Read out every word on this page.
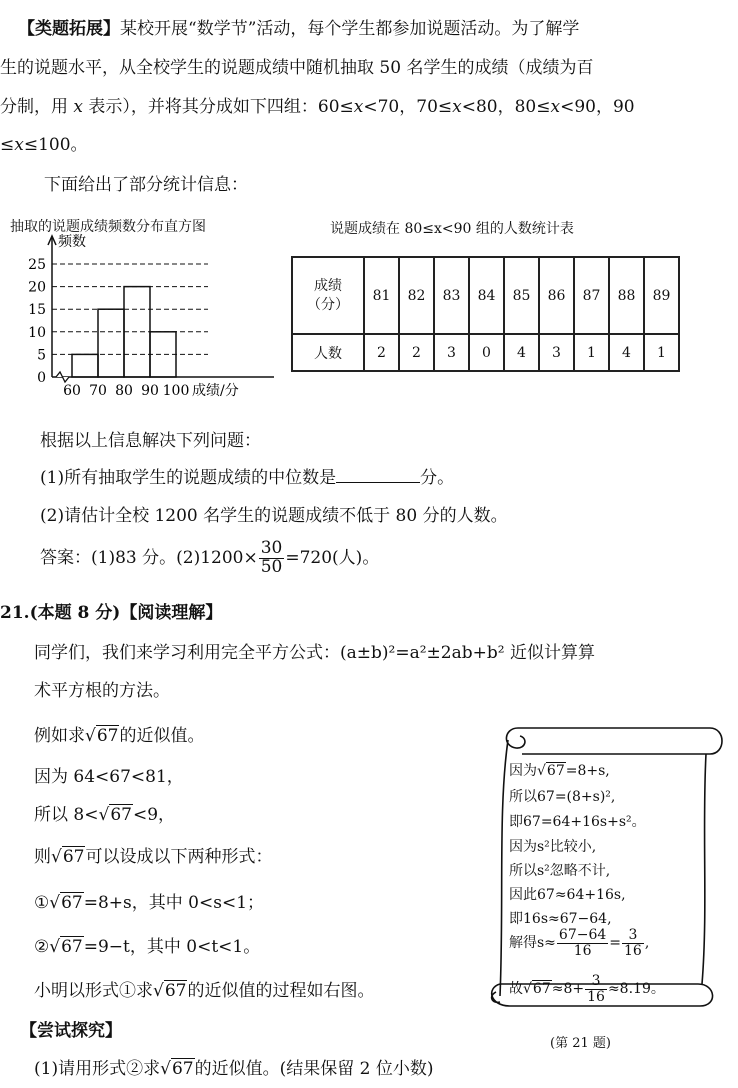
【类题拓展】某校开展“数学节”活动，每个学生都参加说题活动。为了解学
生的说题水平，从全校学生的说题成绩中随机抽取 50 名学生的成绩（成绩为百
分制，用 x 表示），并将其分成如下四组：60≤x<70，70≤x<80，80≤x<90，90
≤x≤100。
下面给出了部分统计信息：
抽取的说题成绩频数分布直方图
0
5
10
15
20
25
60 70 80 90 100
频数
成绩/分
说题成绩在 80≤x<90 组的人数统计表
成绩
（分）	81	82	83	84	85	86	87	88	89
人数	2	2	3	0	4	3	1	4	1
根据以上信息解决下列问题：
(1)所有抽取学生的说题成绩的中位数是	分。
(2)请估计全校 1200 名学生的说题成绩不低于 80 分的人数。
答案：(1)83 分。$(2)1200\times \frac{30}{50} =720$(人)。
21.(本题 8 分)【阅读理解】
同学们，我们来学习利用完全平方公式：(a±b)²=a²±2ab+b² 近似计算算
术平方根的方法。
例如求√67的近似值。
因为 64<67<81，
所以 8<√67<9，
则√67可以设成以下两种形式：
①√67=8+s，其中 0<s<1；
②√67=9−t，其中 0<t<1。
小明以形式①求√67的近似值的过程如右图。
【尝试探究】
(1)请用形式②求√67的近似值。(结果保留 2 位小数)
因为√67=8+s,
所以67=(8+s)²,
即67=64+16s+s²。
因为s²比较小,
所以s²忽略不计,
因此67≈64+16s,
即16s≈67−64,
解得$s\approx \frac{67-64}{16} = \frac{3}{16}$ ,
故$√67\approx 8+ \frac{3}{16} \approx 8.19$。
(第 21 题)
